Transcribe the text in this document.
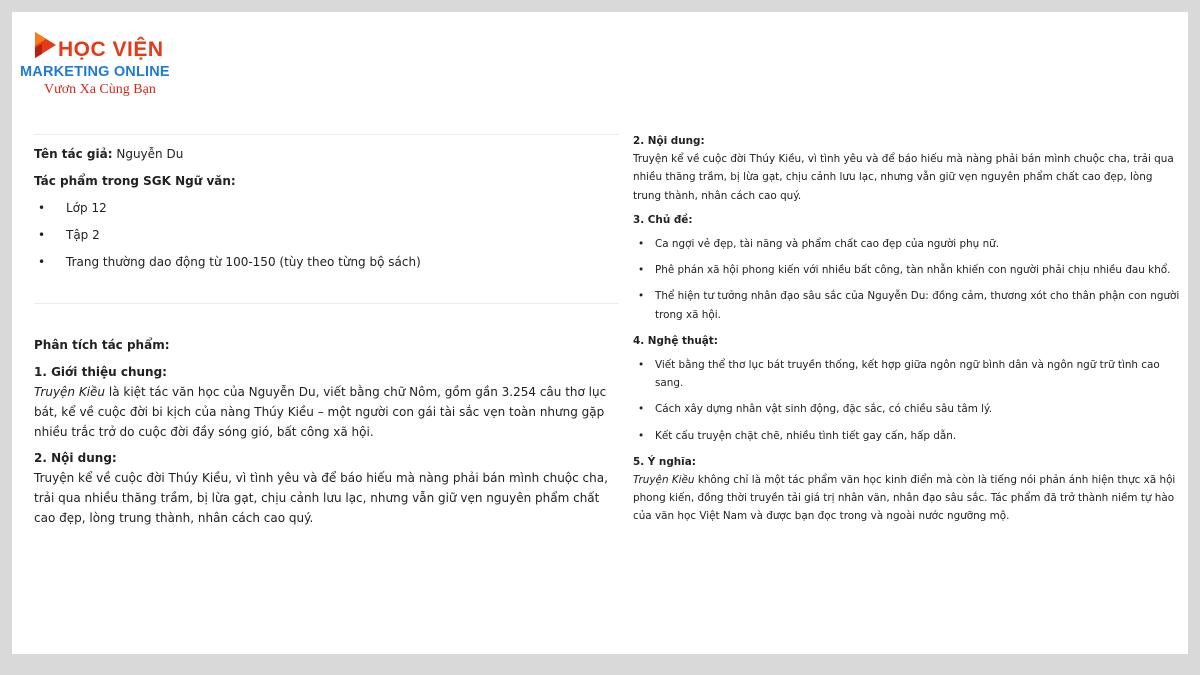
HỌC VIỆN
MARKETING ONLINE
Vươn Xa Cùng Bạn

Tên tác giả: Nguyễn Du

Tác phẩm trong SGK Ngữ văn:

• Lớp 12
• Tập 2
• Trang thường dao động từ 100-150 (tùy theo từng bộ sách)

Phân tích tác phẩm:

1. Giới thiệu chung:

Truyện Kiều là kiệt tác văn học của Nguyễn Du, viết bằng chữ Nôm, gồm gần 3.254 câu thơ lục bát, kể về cuộc đời bi kịch của nàng Thúy Kiều – một người con gái tài sắc vẹn toàn nhưng gặp nhiều trắc trở do cuộc đời đầy sóng gió, bất công xã hội.

2. Nội dung:

Truyện kể về cuộc đời Thúy Kiều, vì tình yêu và để báo hiếu mà nàng phải bán mình chuộc cha, trải qua nhiều thăng trầm, bị lừa gạt, chịu cảnh lưu lạc, nhưng vẫn giữ vẹn nguyên phẩm chất cao đẹp, lòng trung thành, nhân cách cao quý.

2. Nội dung:

Truyện kể về cuộc đời Thúy Kiều, vì tình yêu và để báo hiếu mà nàng phải bán mình chuộc cha, trải qua nhiều thăng trầm, bị lừa gạt, chịu cảnh lưu lạc, nhưng vẫn giữ vẹn nguyên phẩm chất cao đẹp, lòng trung thành, nhân cách cao quý.

3. Chủ đề:

• Ca ngợi vẻ đẹp, tài năng và phẩm chất cao đẹp của người phụ nữ.
• Phê phán xã hội phong kiến với nhiều bất công, tàn nhẫn khiến con người phải chịu nhiều đau khổ.
• Thể hiện tư tưởng nhân đạo sâu sắc của Nguyễn Du: đồng cảm, thương xót cho thân phận con người trong xã hội.

4. Nghệ thuật:

• Viết bằng thể thơ lục bát truyền thống, kết hợp giữa ngôn ngữ bình dân và ngôn ngữ trữ tình cao sang.
• Cách xây dựng nhân vật sinh động, đặc sắc, có chiều sâu tâm lý.
• Kết cấu truyện chặt chẽ, nhiều tình tiết gay cấn, hấp dẫn.

5. Ý nghĩa:

Truyện Kiều không chỉ là một tác phẩm văn học kinh điển mà còn là tiếng nói phản ánh hiện thực xã hội phong kiến, đồng thời truyền tải giá trị nhân văn, nhân đạo sâu sắc. Tác phẩm đã trở thành niềm tự hào của văn học Việt Nam và được bạn đọc trong và ngoài nước ngưỡng mộ.
